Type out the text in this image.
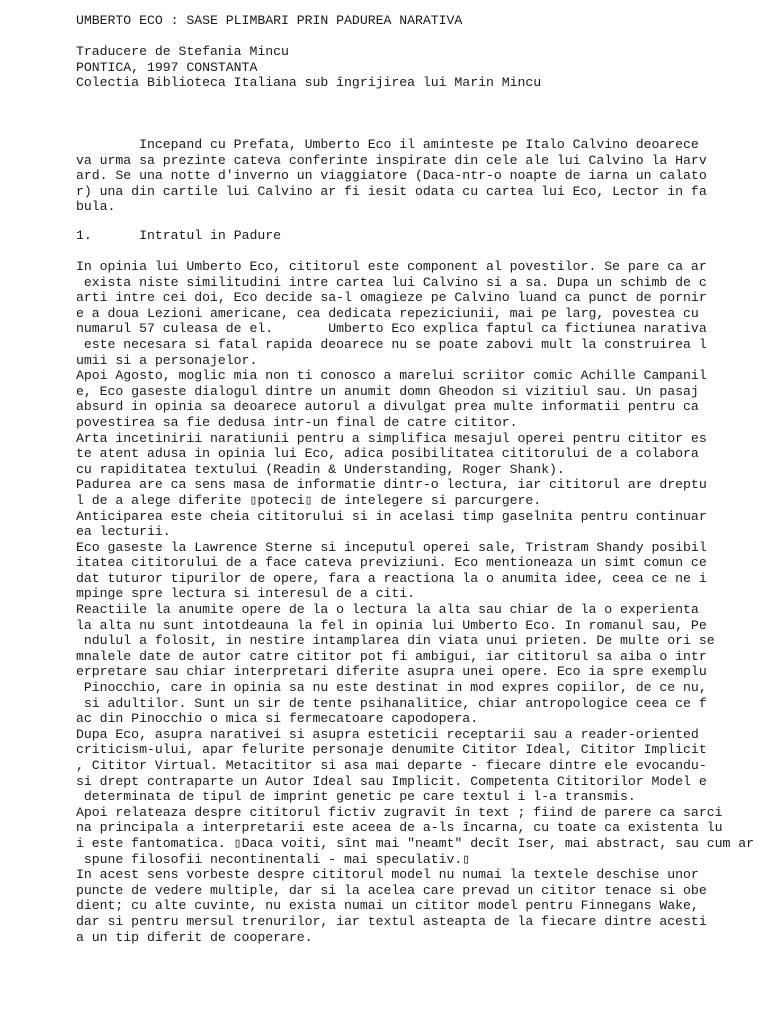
UMBERTO ECO : SASE PLIMBARI PRIN PADUREA NARATIVA
Traducere de Stefania Mincu
PONTICA, 1997 CONSTANTA
Colectia Biblioteca Italiana sub îngrijirea lui Marin Mincu
Incepand cu Prefata, Umberto Eco il aminteste pe Italo Calvino deoarece
va urma sa prezinte cateva conferinte inspirate din cele ale lui Calvino la Harv
ard. Se una notte d'inverno un viaggiatore (Daca-ntr-o noapte de iarna un calato
r) una din cartile lui Calvino ar fi iesit odata cu cartea lui Eco, Lector in fa
bula.
1.	Intratul in Padure
In opinia lui Umberto Eco, cititorul este component al povestilor. Se pare ca ar
exista niste similitudini intre cartea lui Calvino si a sa. Dupa un schimb de c
arti intre cei doi, Eco decide sa-l omagieze pe Calvino luand ca punct de pornir
e a doua Lezioni americane, cea dedicata repeziciunii, mai pe larg, povestea cu
numarul 57 culeasa de el.       Umberto Eco explica faptul ca fictiunea narativa
este necesara si fatal rapida deoarece nu se poate zabovi mult la construirea l
umii si a personajelor.
Apoi Agosto, moglic mia non ti conosco a marelui scriitor comic Achille Campanil
e, Eco gaseste dialogul dintre un anumit domn Gheodon si vizitiul sau. Un pasaj
absurd in opinia sa deoarece autorul a divulgat prea multe informatii pentru ca
povestirea sa fie dedusa intr-un final de catre cititor.
Arta incetinirii naratiunii pentru a simplifica mesajul operei pentru cititor es
te atent adusa in opinia lui Eco, adica posibilitatea cititorului de a colabora
cu rapiditatea textului (Readin & Understanding, Roger Shank).
Padurea are ca sens masa de informatie dintr-o lectura, iar cititorul are dreptu
l de a alege diferite ▯poteci▯ de intelegere si parcurgere.
Anticiparea este cheia cititorului si in acelasi timp gaselnita pentru continuar
ea lecturii.
Eco gaseste la Lawrence Sterne si inceputul operei sale, Tristram Shandy posibil
itatea cititorului de a face cateva previziuni. Eco mentioneaza un simt comun ce
dat tuturor tipurilor de opere, fara a reactiona la o anumita idee, ceea ce ne i
mpinge spre lectura si interesul de a citi.
Reactiile la anumite opere de la o lectura la alta sau chiar de la o experienta
la alta nu sunt intotdeauna la fel in opinia lui Umberto Eco. In romanul sau, Pe
ndulul a folosit, in nestire intamplarea din viata unui prieten. De multe ori se
mnalele date de autor catre cititor pot fi ambigui, iar cititorul sa aiba o intr
erpretare sau chiar interpretari diferite asupra unei opere. Eco ia spre exemplu
Pinocchio, care in opinia sa nu este destinat in mod expres copiilor, de ce nu,
si adultilor. Sunt un sir de tente psihanalitice, chiar antropologice ceea ce f
ac din Pinocchio o mica si fermecatoare capodopera.
Dupa Eco, asupra narativei si asupra esteticii receptarii sau a reader-oriented
criticism-ului, apar felurite personaje denumite Cititor Ideal, Cititor Implicit
, Cititor Virtual. Metacititor si asa mai departe - fiecare dintre ele evocandu-
si drept contraparte un Autor Ideal sau Implicit. Competenta Cititorilor Model e
determinata de tipul de imprint genetic pe care textul i l-a transmis.
Apoi relateaza despre cititorul fictiv zugravit în text ; fiind de parere ca sarci
na principala a interpretarii este aceea de a-ls încarna, cu toate ca existenta lu
i este fantomatica. ▯Daca voiti, sînt mai "neamt" decît Iser, mai abstract, sau cum ar
spune filosofii necontinentali - mai speculativ.▯
In acest sens vorbeste despre cititorul model nu numai la textele deschise unor
puncte de vedere multiple, dar si la acelea care prevad un cititor tenace si obe
dient; cu alte cuvinte, nu exista numai un cititor model pentru Finnegans Wake,
dar si pentru mersul trenurilor, iar textul asteapta de la fiecare dintre acesti
a un tip diferit de cooperare.
